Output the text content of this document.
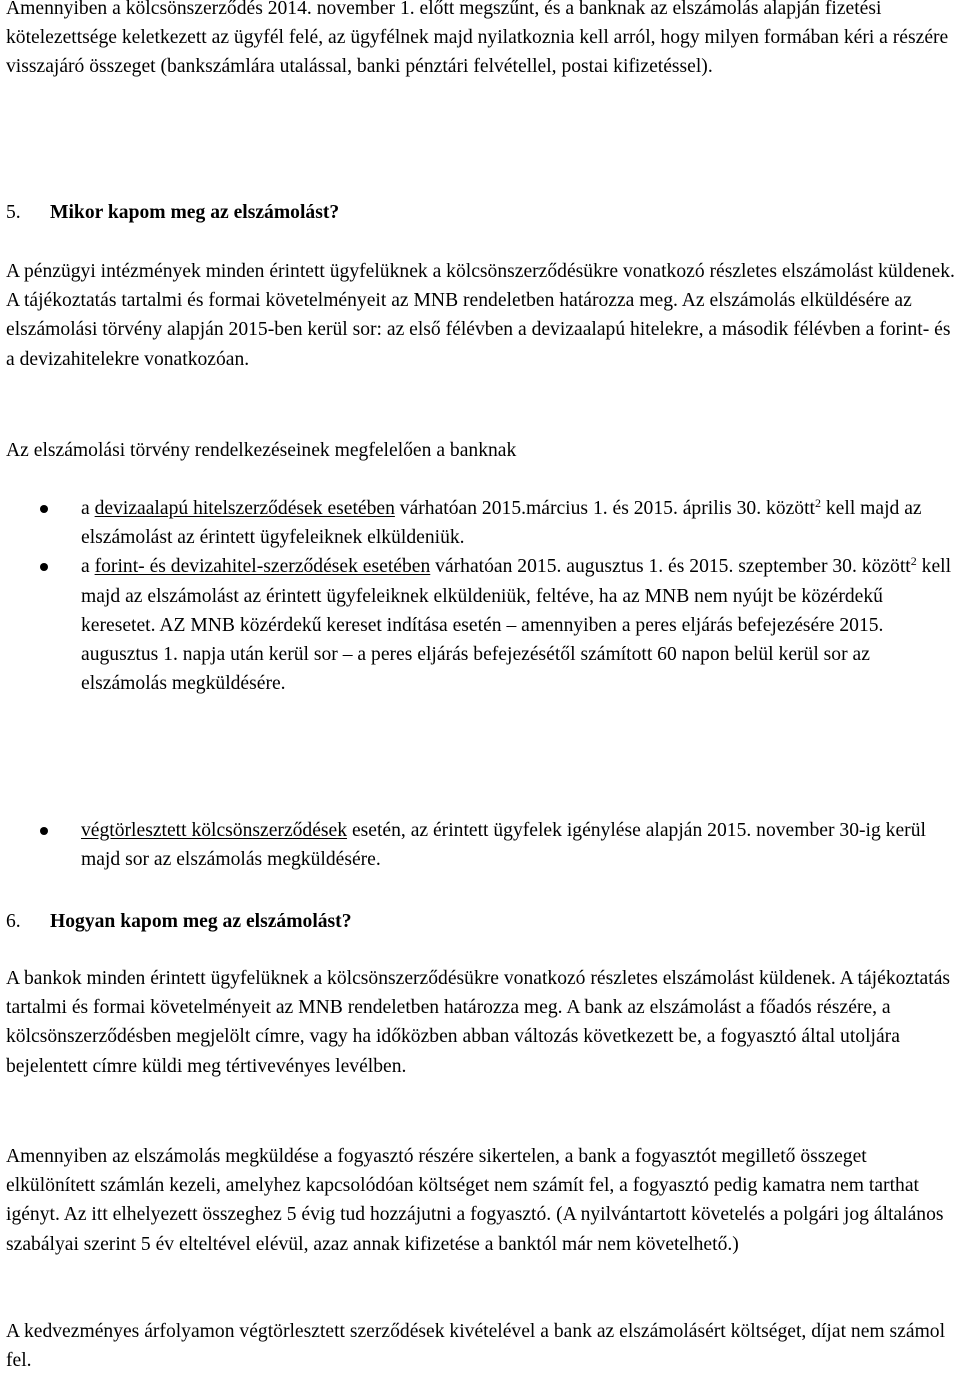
Amennyiben a kölcsönszerződés 2014. november 1. előtt megszűnt, és a banknak az elszámolás alapján fizetési kötelezettsége keletkezett az ügyfél felé, az ügyfélnek majd nyilatkoznia kell arról, hogy milyen formában kéri a részére visszajáró összeget (bankszámlára utalással, banki pénztári felvétellel, postai kifizetéssel).

5. Mikor kapom meg az elszámolást?

A pénzügyi intézmények minden érintett ügyfelüknek a kölcsönszerződésükre vonatkozó részletes elszámolást küldenek. A tájékoztatás tartalmi és formai követelményeit az MNB rendeletben határozza meg. Az elszámolás elküldésére az elszámolási törvény alapján 2015-ben kerül sor: az első félévben a devizaalapú hitelekre, a második félévben a forint- és a devizahitelekre vonatkozóan.

Az elszámolási törvény rendelkezéseinek megfelelően a banknak

a devizaalapú hitelszerződések esetében várhatóan 2015.március 1. és 2015. április 30. között$^2$ kell majd az elszámolást az érintett ügyfeleiknek elküldeniük.
a forint- és devizahitel-szerződések esetében várhatóan 2015. augusztus 1. és 2015. szeptember 30. között$^2$ kell majd az elszámolást az érintett ügyfeleiknek elküldeniük, feltéve, ha az MNB nem nyújt be közérdekű keresetet. AZ MNB közérdekű kereset indítása esetén – amennyiben a peres eljárás befejezésére 2015. augusztus 1. napja után kerül sor – a peres eljárás befejezésétől számított 60 napon belül kerül sor az elszámolás megküldésére.
végtörlesztett kölcsönszerződések esetén, az érintett ügyfelek igénylése alapján 2015. november 30-ig kerül majd sor az elszámolás megküldésére.
6. Hogyan kapom meg az elszámolást?

A bankok minden érintett ügyfelüknek a kölcsönszerződésükre vonatkozó részletes elszámolást küldenek. A tájékoztatás tartalmi és formai követelményeit az MNB rendeletben határozza meg. A bank az elszámolást a főadós részére, a kölcsönszerződésben megjelölt címre, vagy ha időközben abban változás következett be, a fogyasztó által utoljára bejelentett címre küldi meg tértivevényes levélben.

Amennyiben az elszámolás megküldése a fogyasztó részére sikertelen, a bank a fogyasztót megillető összeget elkülönített számlán kezeli, amelyhez kapcsolódóan költséget nem számít fel, a fogyasztó pedig kamatra nem tarthat igényt. Az itt elhelyezett összeghez 5 évig tud hozzájutni a fogyasztó. (A nyilvántartott követelés a polgári jog általános szabályai szerint 5 év elteltével elévül, azaz annak kifizetése a banktól már nem követelhető.)

A kedvezményes árfolyamon végtörlesztett szerződések kivételével a bank az elszámolásért költséget, díjat nem számol fel.
